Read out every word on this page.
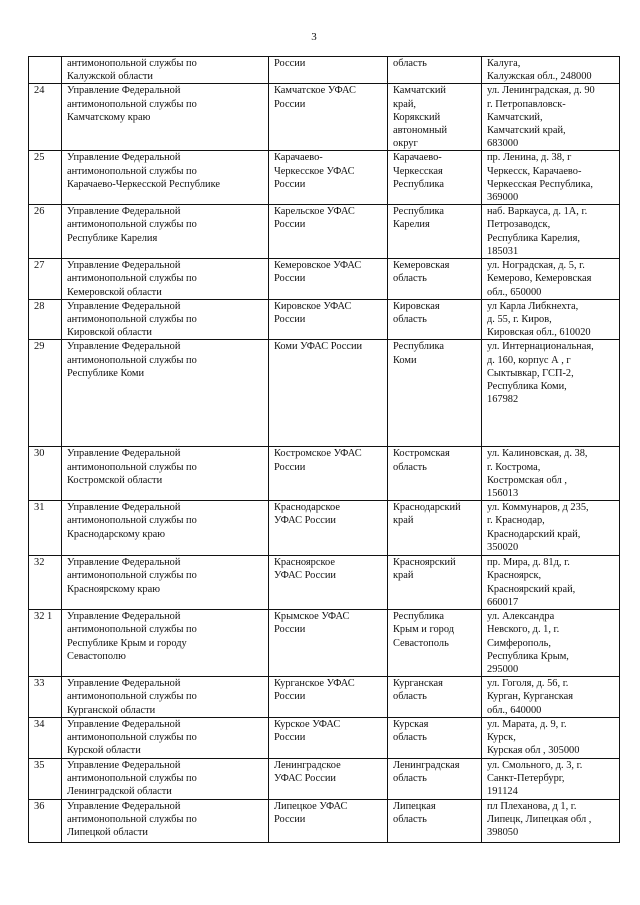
3

	антимонопольной службы по
Калужской области	России	область	Калуга,
Калужская обл., 248000

24	Управление Федеральной
антимонопольной службы по
Камчатскому краю	Камчатское УФАС
России	Камчатский
край,
Корякский
автономный
округ	ул. Ленинградская, д. 90
г. Петропавловск-
Камчатский,
Камчатский край,
683000

25	Управление Федеральной
антимонопольной службы по
Карачаево-Черкесской Республике	Карачаево-
Черкесское УФАС
России	Карачаево-
Черкесская
Республика	пр. Ленина, д. 38, г
Черкесск, Карачаево-
Черкесская Республика,
369000

26	Управление Федеральной
антимонопольной службы по
Республике Карелия	Карельское УФАС
России	Республика
Карелия	наб. Варкауса, д. 1А, г.
Петрозаводск,
Республика Карелия,
185031

27	Управление Федеральной
антимонопольной службы по
Кемеровской области	Кемеровское УФАС
России	Кемеровская
область	ул. Ноградская, д. 5, г.
Кемерово, Кемеровская
обл., 650000

28	Управление Федеральной
антимонопольной службы по
Кировской области	Кировское УФАС
России	Кировская
область	ул Карла Либкнехта,
д. 55, г. Киров,
Кировская обл., 610020

29	Управление Федеральной
антимонопольной службы по
Республике Коми	Коми УФАС России	Республика
Коми	ул. Интернациональная,
д. 160, корпус А , г
Сыктывкар, ГСП-2,
Республика Коми,
167982

30	Управление Федеральной
антимонопольной службы по
Костромской области	Костромское УФАС
России	Костромская
область	ул. Калиновская, д. 38,
г. Кострома,
Костромская обл ,
156013

31	Управление Федеральной
антимонопольной службы по
Краснодарскому краю	Краснодарское
УФАС России	Краснодарский
край	ул. Коммунаров, д 235,
г. Краснодар,
Краснодарский край,
350020

32	Управление Федеральной
антимонопольной службы по
Красноярскому краю	Красноярское
УФАС России	Красноярский
край	пр. Мира, д. 81д, г.
Красноярск,
Красноярский край,
660017

32 1	Управление Федеральной
антимонопольной службы по
Республике Крым и городу
Севастополю	Крымское УФАС
России	Республика
Крым и город
Севастополь	ул. Александра
Невского, д. 1, г.
Симферополь,
Республика Крым,
295000

33	Управление Федеральной
антимонопольной службы по
Курганской области	Курганское УФАС
России	Курганская
область	ул. Гоголя, д. 56, г.
Курган, Курганская
обл., 640000

34	Управление Федеральной
антимонопольной службы по
Курской области	Курское УФАС
России	Курская
область	ул. Марата, д. 9, г.
Курск,
Курская обл , 305000

35	Управление Федеральной
антимонопольной службы по
Ленинградской области	Ленинградское
УФАС России	Ленинградская
область	ул. Смольного, д. 3, г.
Санкт-Петербург,
191124

36	Управление Федеральной
антимонопольной службы по
Липецкой области	Липецкое УФАС
России	Липецкая
область	пл Плеханова, д 1, г.
Липецк, Липецкая обл ,
398050
